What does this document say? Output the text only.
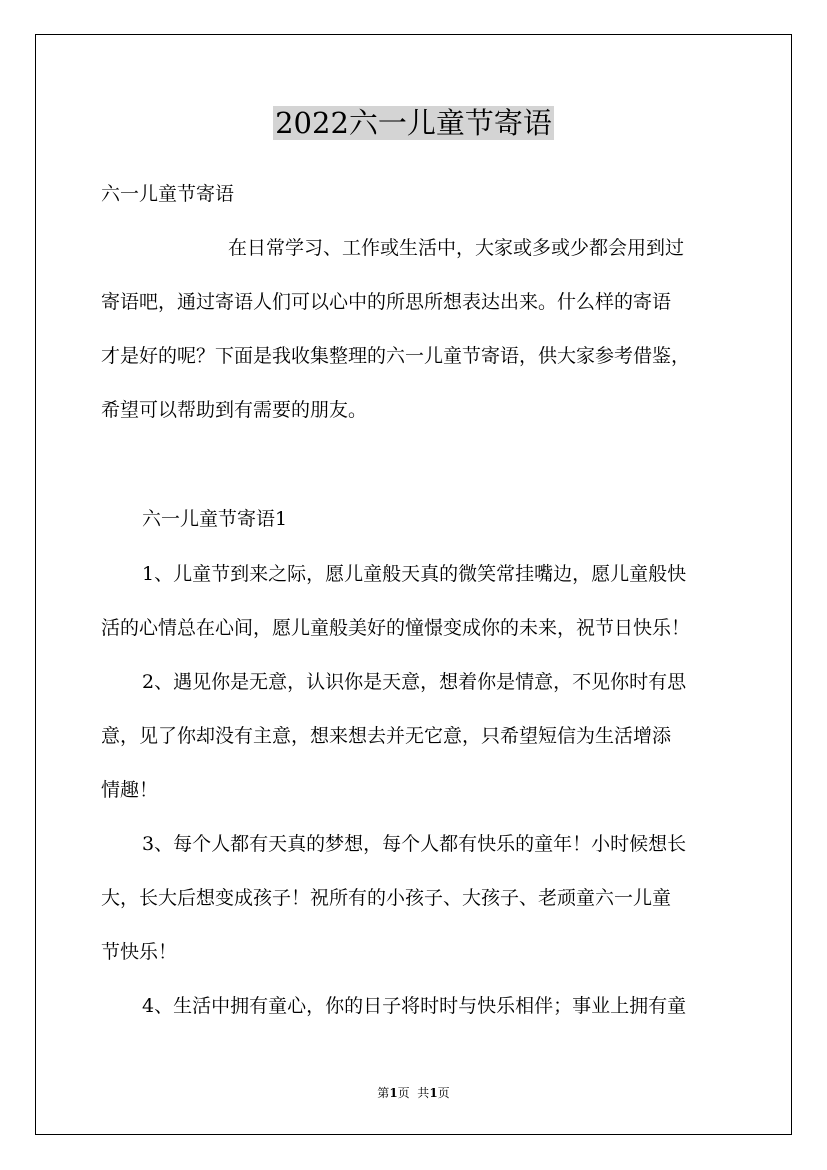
2022六一儿童节寄语

六一儿童节寄语

在日常学习、工作或生活中，大家或多或少都会用到过

寄语吧，通过寄语人们可以心中的所思所想表达出来。什么样的寄语

才是好的呢？下面是我收集整理的六一儿童节寄语，供大家参考借鉴，

希望可以帮助到有需要的朋友。

六一儿童节寄语1

1、儿童节到来之际，愿儿童般天真的微笑常挂嘴边，愿儿童般快

活的心情总在心间，愿儿童般美好的憧憬变成你的未来，祝节日快乐！

2、遇见你是无意，认识你是天意，想着你是情意，不见你时有思

意，见了你却没有主意，想来想去并无它意，只希望短信为生活增添

情趣！

3、每个人都有天真的梦想，每个人都有快乐的童年！小时候想长

大，长大后想变成孩子！祝所有的小孩子、大孩子、老顽童六一儿童

节快乐！

4、生活中拥有童心，你的日子将时时与快乐相伴；事业上拥有童

第1页  共1页
